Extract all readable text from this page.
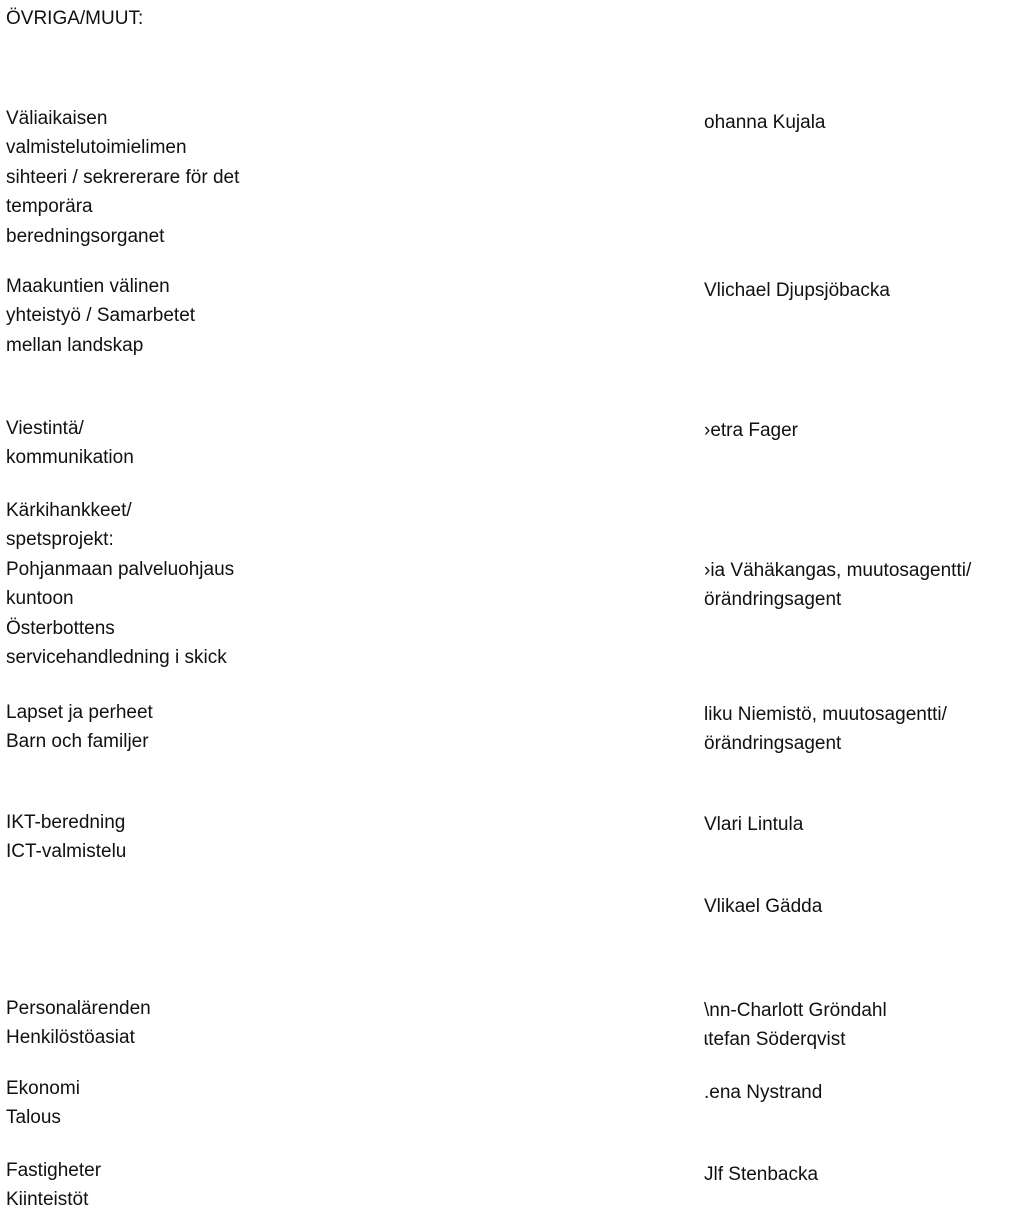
ÖVRIGA/MUUT:
Väliaikaisen
valmistelutoimielimen
sihteeri / sekrererare för det
temporära
beredningsorganet
ohanna Kujala
Maakuntien välinen
yhteistyö / Samarbetet
mellan landskap
Vlichael Djupsjöbacka
Viestintä/
kommunikation
›etra Fager
Kärkihankkeet/
spetsprojekt:
Pohjanmaan palveluohjaus
kuntoon
Österbottens
servicehandledning i skick
›ia Vähäkangas, muutosagentti/
örändringsagent
Lapset ja perheet
Barn och familjer
liku Niemistö, muutosagentti/
örändringsagent
IKT-beredning
ICT-valmistelu
Vlari Lintula
Vlikael Gädda
Personalärenden
Henkilöstöasiat
\nn-Charlott Gröndahl
ɩtefan Söderqvist
Ekonomi
Talous
.ena Nystrand
Fastigheter
Kiinteistöt
Jlf Stenbacka
